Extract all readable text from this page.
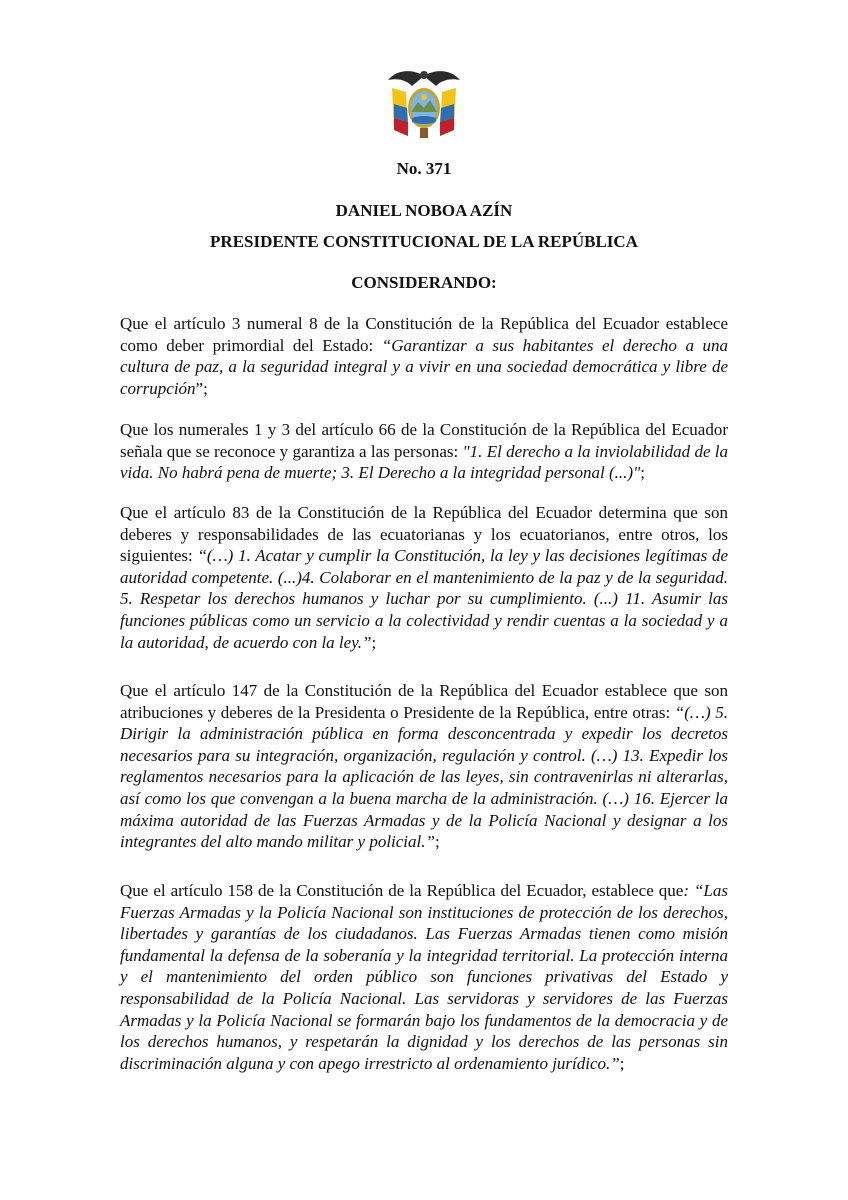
No. 371

DANIEL NOBOA AZÍN

PRESIDENTE CONSTITUCIONAL DE LA REPÚBLICA

CONSIDERANDO:

Que el artículo 3 numeral 8 de la Constitución de la República del Ecuador establece como deber primordial del Estado: “Garantizar a sus habitantes el derecho a una cultura de paz, a la seguridad integral y a vivir en una sociedad democrática y libre de corrupción”;

Que los numerales 1 y 3 del artículo 66 de la Constitución de la República del Ecuador señala que se reconoce y garantiza a las personas: "1. El derecho a la inviolabilidad de la vida. No habrá pena de muerte; 3. El Derecho a la integridad personal (...)";

Que el artículo 83 de la Constitución de la República del Ecuador determina que son deberes y responsabilidades de las ecuatorianas y los ecuatorianos, entre otros, los siguientes: “(…) 1. Acatar y cumplir la Constitución, la ley y las decisiones legítimas de autoridad competente. (...)4. Colaborar en el mantenimiento de la paz y de la seguridad. 5. Respetar los derechos humanos y luchar por su cumplimiento. (...) 11. Asumir las funciones públicas como un servicio a la colectividad y rendir cuentas a la sociedad y a la autoridad, de acuerdo con la ley.”;

Que el artículo 147 de la Constitución de la República del Ecuador establece que son atribuciones y deberes de la Presidenta o Presidente de la República, entre otras: “(…) 5. Dirigir la administración pública en forma desconcentrada y expedir los decretos necesarios para su integración, organización, regulación y control. (…) 13. Expedir los reglamentos necesarios para la aplicación de las leyes, sin contravenirlas ni alterarlas, así como los que convengan a la buena marcha de la administración. (…) 16. Ejercer la máxima autoridad de las Fuerzas Armadas y de la Policía Nacional y designar a los integrantes del alto mando militar y policial.”;

Que el artículo 158 de la Constitución de la República del Ecuador, establece que: “Las Fuerzas Armadas y la Policía Nacional son instituciones de protección de los derechos, libertades y garantías de los ciudadanos. Las Fuerzas Armadas tienen como misión fundamental la defensa de la soberanía y la integridad territorial. La protección interna y el mantenimiento del orden público son funciones privativas del Estado y responsabilidad de la Policía Nacional. Las servidoras y servidores de las Fuerzas Armadas y la Policía Nacional se formarán bajo los fundamentos de la democracia y de los derechos humanos, y respetarán la dignidad y los derechos de las personas sin discriminación alguna y con apego irrestricto al ordenamiento jurídico.”;
